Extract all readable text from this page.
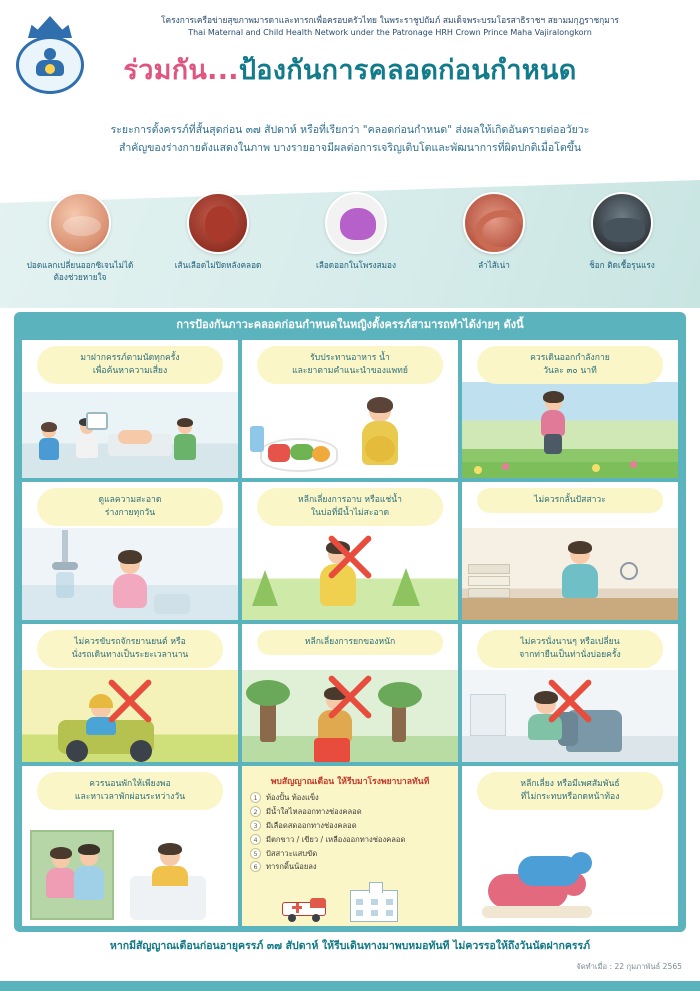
โครงการเครือข่ายสุขภาพมารดาและทารกเพื่อครอบครัวไทย ในพระราชูปถัมภ์ สมเด็จพระบรมโอรสาธิราชฯ สยามมกุฎราชกุมาร
Thai Maternal and Child Health Network under the Patronage HRH Crown Prince Maha Vajiralongkorn
ร่วมกัน...ป้องกันการคลอดก่อนกำหนด
ระยะการตั้งครรภ์ที่สั้นสุดก่อน ๓๗ สัปดาห์ หรือที่เรียกว่า "คลอดก่อนกำหนด" ส่งผลให้เกิดอันตรายต่ออวัยวะ
สำคัญของร่างกายดังแสดงในภาพ บางรายอาจมีผลต่อการเจริญเติบโตและพัฒนาการที่ผิดปกติเมื่อโตขึ้น
ปอดแลกเปลี่ยนออกซิเจนไม่ได้
ต้องช่วยหายใจ
เส้นเลือดไม่ปิดหลังคลอด	เลือดออกในโพรงสมอง	ลำไส้เน่า	ช็อก ติดเชื้อรุนแรง
การป้องกันภาวะคลอดก่อนกำหนดในหญิงตั้งครรภ์สามารถทำได้ง่ายๆ ดังนี้
มาฝากครรภ์ตามนัดทุกครั้ง
เพื่อค้นหาความเสี่ยง
รับประทานอาหาร น้ำ
และยาตามคำแนะนำของแพทย์
ควรเดินออกกำลังกาย
วันละ ๓๐ นาที
ดูแลความสะอาด
ร่างกายทุกวัน
หลีกเลี่ยงการอาบ หรือแช่น้ำ
ในบ่อที่มีน้ำไม่สะอาด
ไม่ควรกลั้นปัสสาวะ
ไม่ควรขับรถจักรยานยนต์ หรือ
นั่งรถเดินทางเป็นระยะเวลานาน
หลีกเลี่ยงการยกของหนัก	ไม่ควรนั่งนานๆ หรือเปลี่ยน
จากท่ายืนเป็นท่านั่งบ่อยครั้ง
ควรนอนพักให้เพียงพอ
และหาเวลาพักผ่อนระหว่างวัน
พบสัญญาณเตือน ให้รีบมาโรงพยาบาลทันที
1	ท้องปั้น ท้องแข็ง
2	มีน้ำใสไหลออกทางช่องคลอด
3	มีเลือดสดออกทางช่องคลอด
4	มีตกขาว / เขียว / เหลืองออกทางช่องคลอด
5	ปัสสาวะแสบขัด
6	ทารกดิ้นน้อยลง
หลีกเลี่ยง หรือมีเพศสัมพันธ์
ที่ไม่กระทบหรือกดหน้าท้อง
หากมีสัญญาณเตือนก่อนอายุครรภ์ ๓๗ สัปดาห์ ให้รีบเดินทางมาพบหมอทันที ไม่ควรรอให้ถึงวันนัดฝากครรภ์
จัดทำเมื่อ : 22 กุมภาพันธ์ 2565
